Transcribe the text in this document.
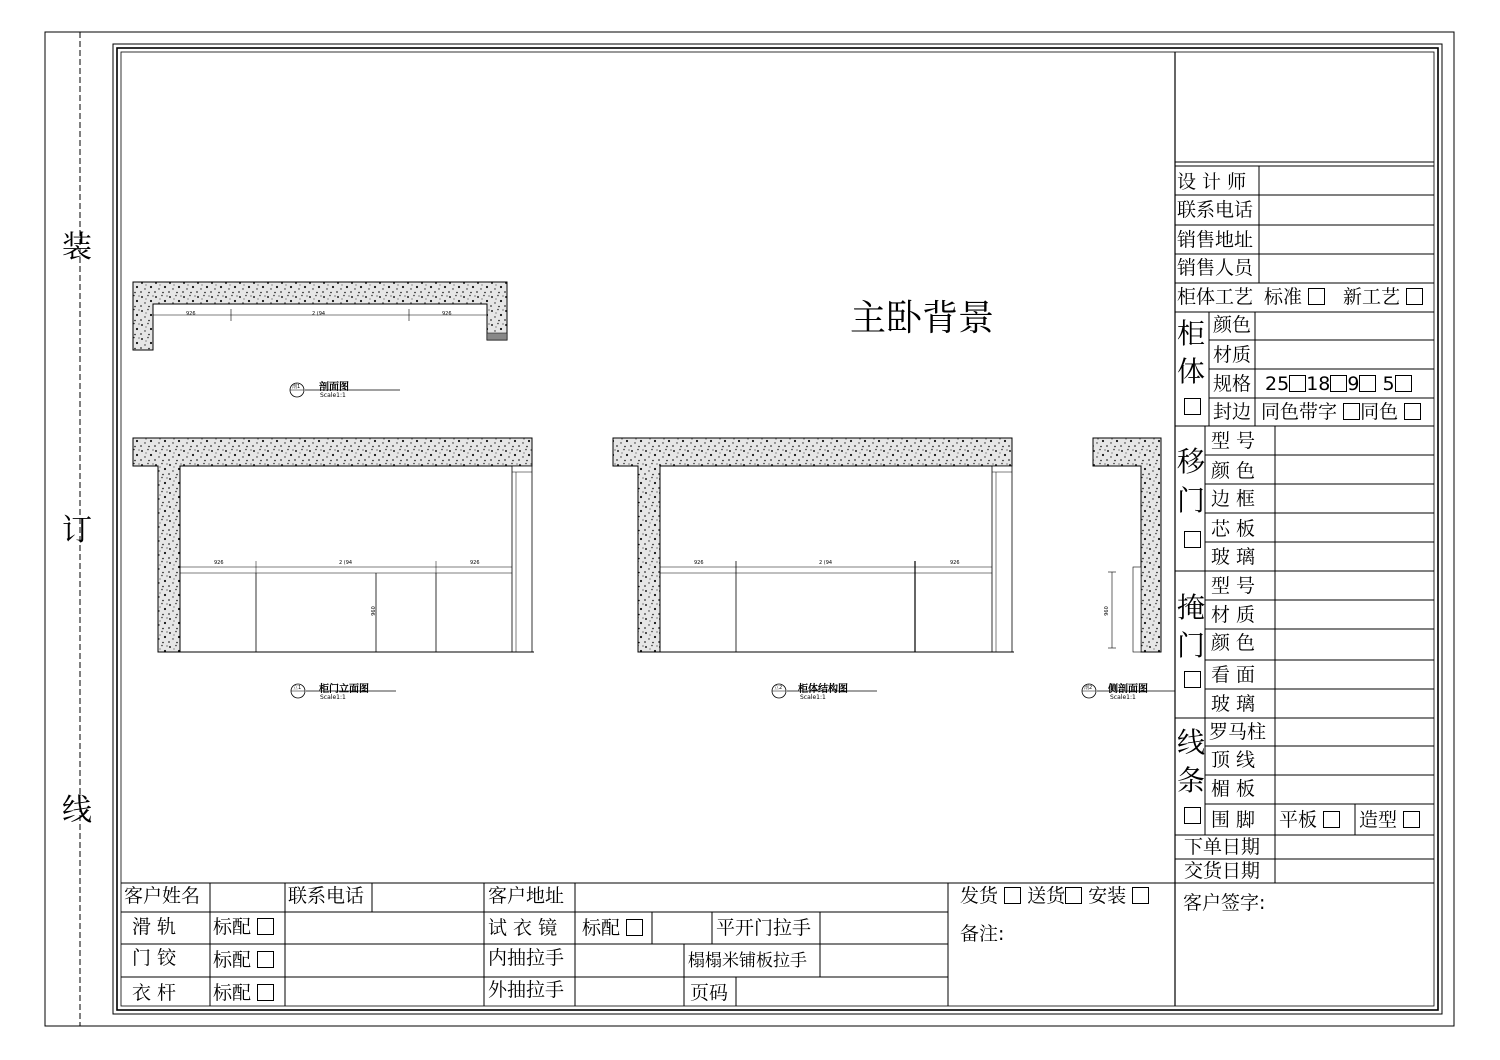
装
订
线
主卧背景
926	2 (94	926
剖1 剖面图
Scale1:1
926	2 (94	926
960
立1 柜门立面图
Scale1:1
926	2 (94	926
立2 柜体结构图
Scale1:1
960
剖2 侧剖面图
Scale1:1
设 计 师
联系电话
销售地址
销售人员
柜体工艺 标准	新工艺
柜
体
颜色
材质
规格 25 18 9 5
封边 同色带字 同色
移
门
型 号
颜 色
边 框
芯 板
玻 璃
掩
门
型 号
材 质
颜 色
看 面
玻 璃
线
条
罗马柱
顶 线
楣 板
围 脚 平板	造型
下单日期
交货日期
客户签字:
客户姓名	联系电话	客户地址	发货 送货 安装
滑 轨 标配	试 衣 镜 标配	平开门拉手
门 铰 标配	内抽拉手	榻榻米铺板拉手
衣 杆 标配	外抽拉手	页码
备注:
